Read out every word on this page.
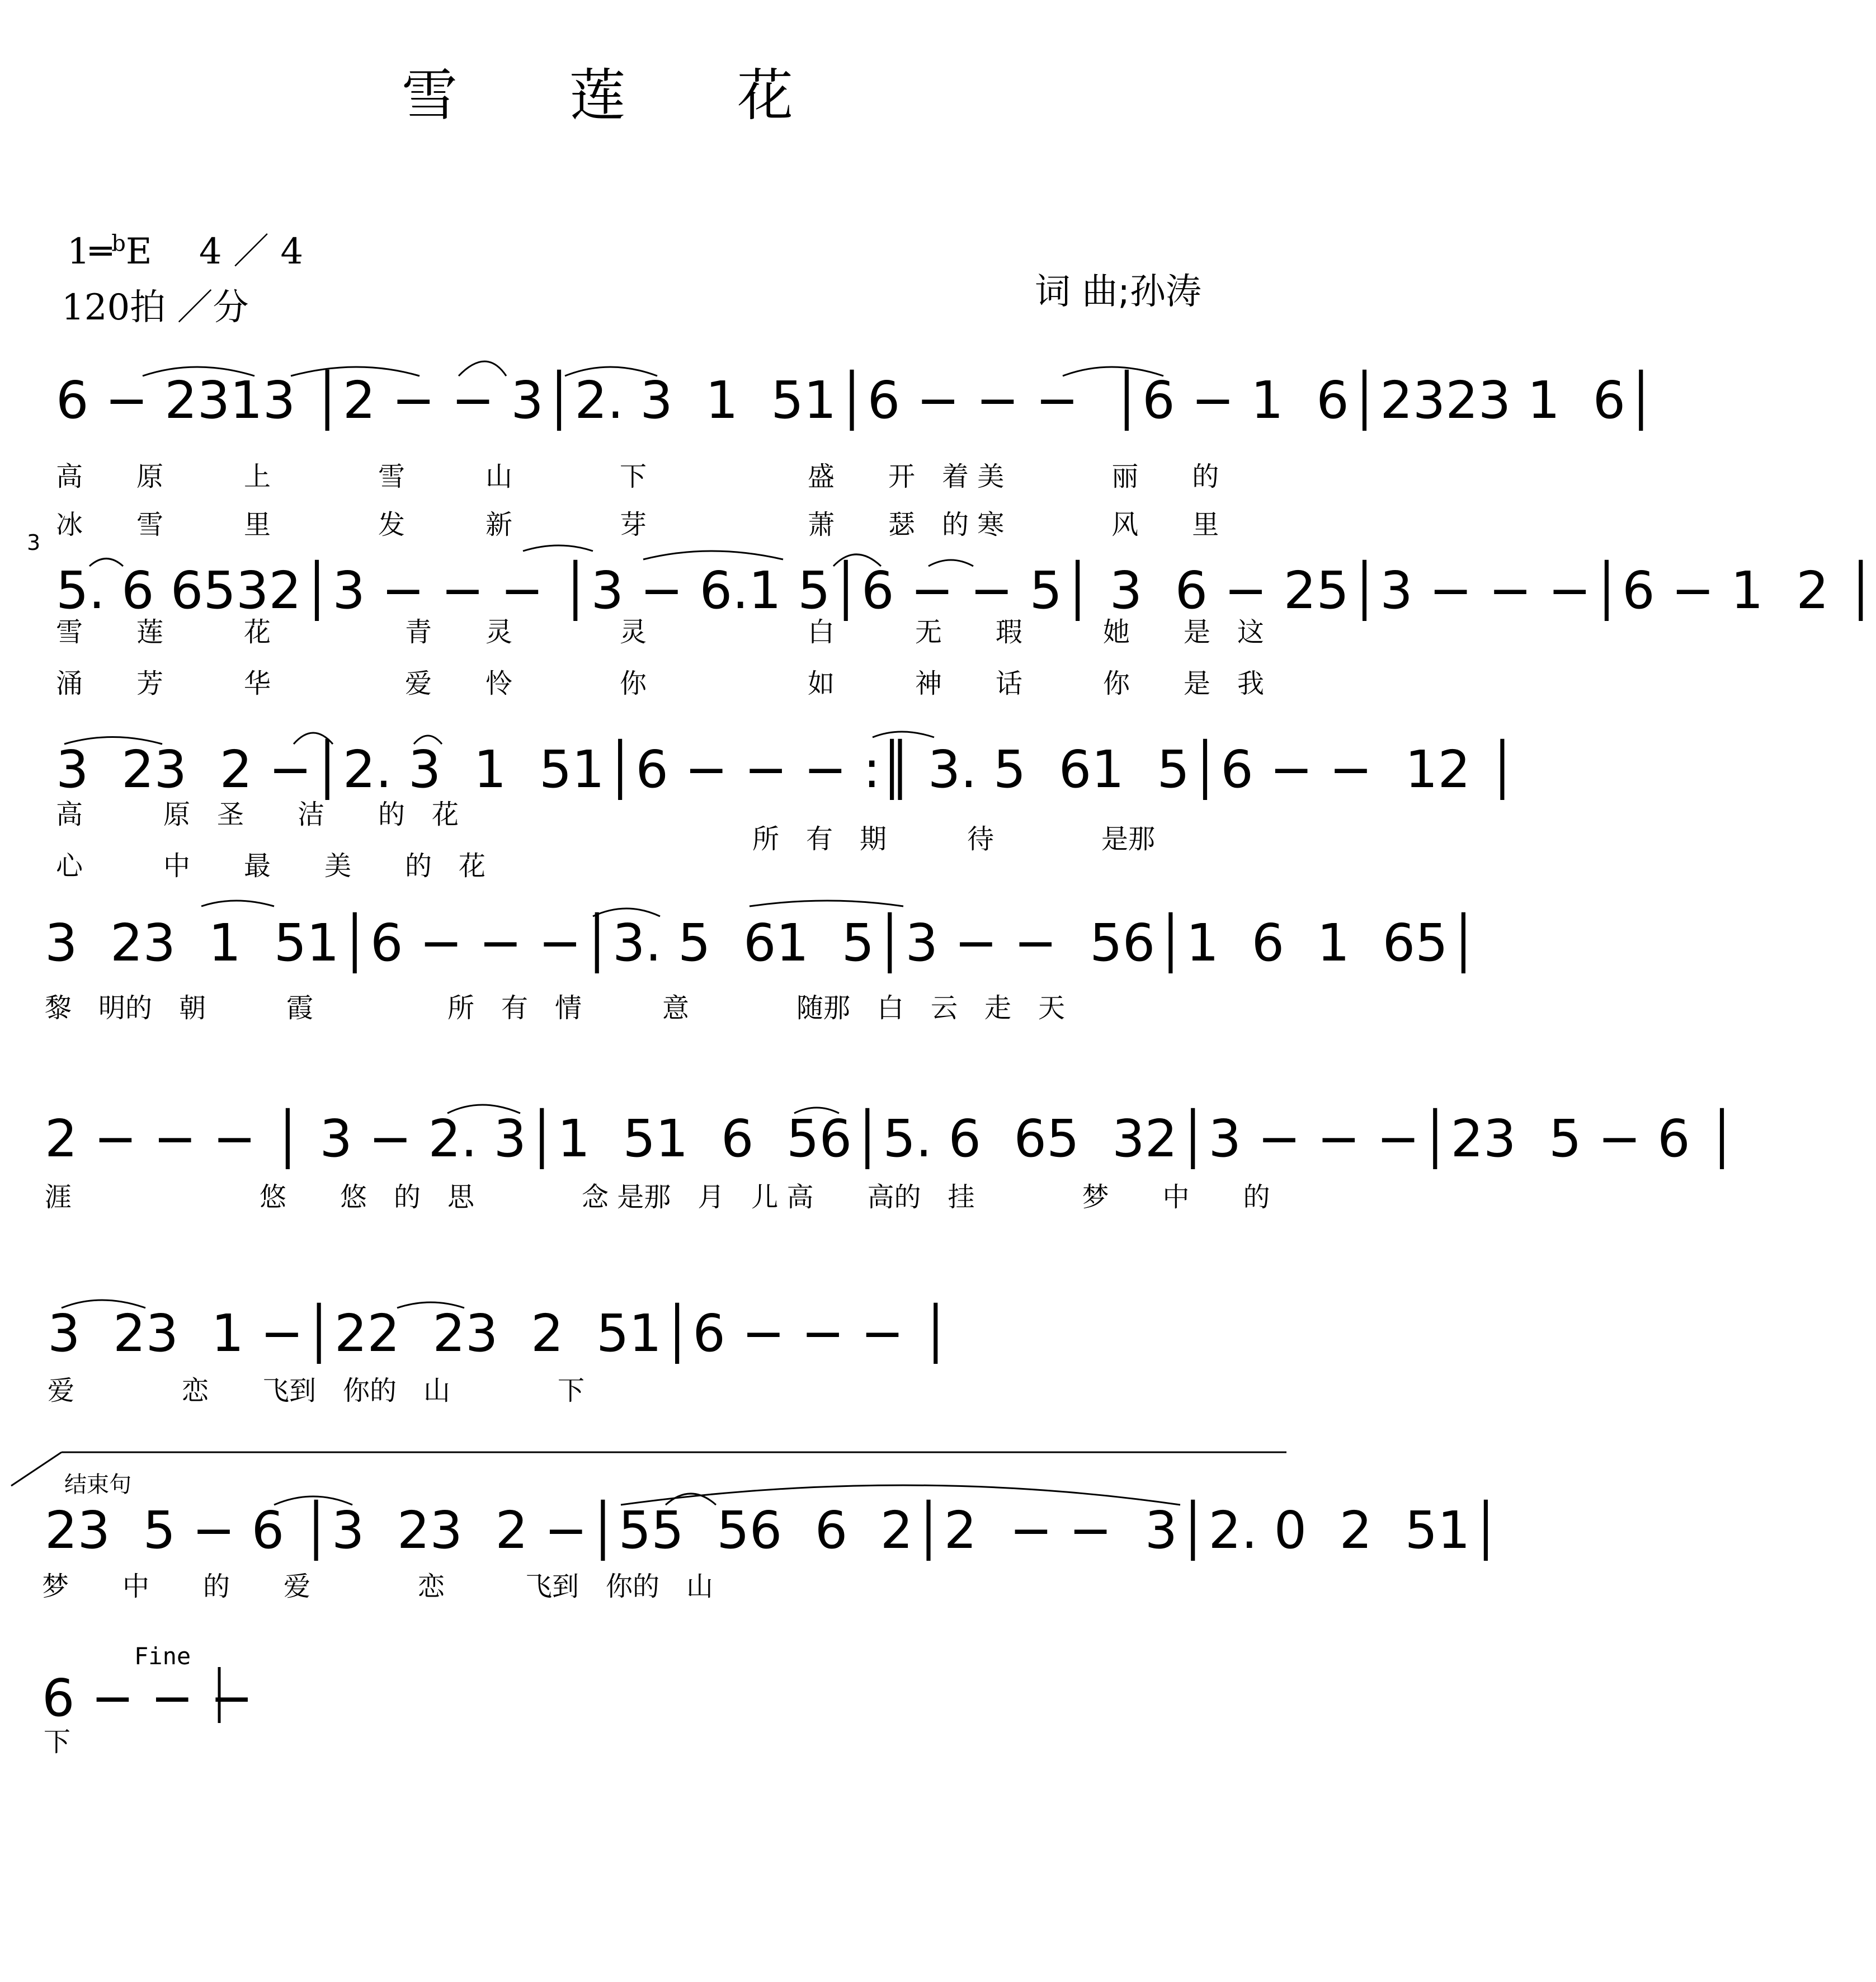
雪　　莲　　花
1═$^b$E　 4 ／ 4
120拍 ／分	词 曲;孙涛
6 − 2313 │2 − − 3│2. 3  1  51│6 − − −  │6 − 1  6│2323 1  6│
高　　原　　　上　　　　雪　　　山　　　　下　　　　　　盛　　开　着 美　　　　丽　　的
冰　　雪　　　里　　　　发　　　新　　　　芽　　　　　　萧　　瑟　的 寒　　　　风　　里
3
5. 6 6532│3 − − − │3 − 6.1 5│6 − − 5│ 3  6 − 25│3 − − −│6 − 1  2 │
雪　　莲　　　花　　　　　青　　灵　　　　灵　　　　　　白　　　无　　瑕　　　她　　是　这
涌　　芳　　　华　　　　　爱　　怜　　　　你　　　　　　如　　　神　　话　　　你　　是　我
3  23  2 −│2. 3  1  51│6 − − − :║ 3. 5  61  5│6 − −  12 │
高　　　原　圣　　洁　　的　花
心　　　中　　最　　美　　的　花
所　有　期　　　待　　　　是那
3  23  1  51│6 − − −│3. 5  61  5│3 − −  56│1  6  1  65│
黎　明的　朝　　　霞　　　　　所　有　情　　　意　　　　随那　白　云　走　天
2 − − − │ 3 − 2. 3│1  51  6  56│5. 6  65  32│3 − − −│23  5 − 6 │
涯　　　　　　　悠　　悠　的　思　　　　念 是那　月　儿 高　　高的　挂　　　　梦　　中　　的
3  23  1 −│22  23  2  51│6 − − − │
爱　　　　恋　　飞到　你的　山　　　　下
结束句
23  5 − 6 │3  23  2 −│55  56  6  2│2  − −  3│2. 0  2  51│
梦　　中　　的　　爱　　　　恋　　　飞到　你的　山
Fine
6 − − −
下
